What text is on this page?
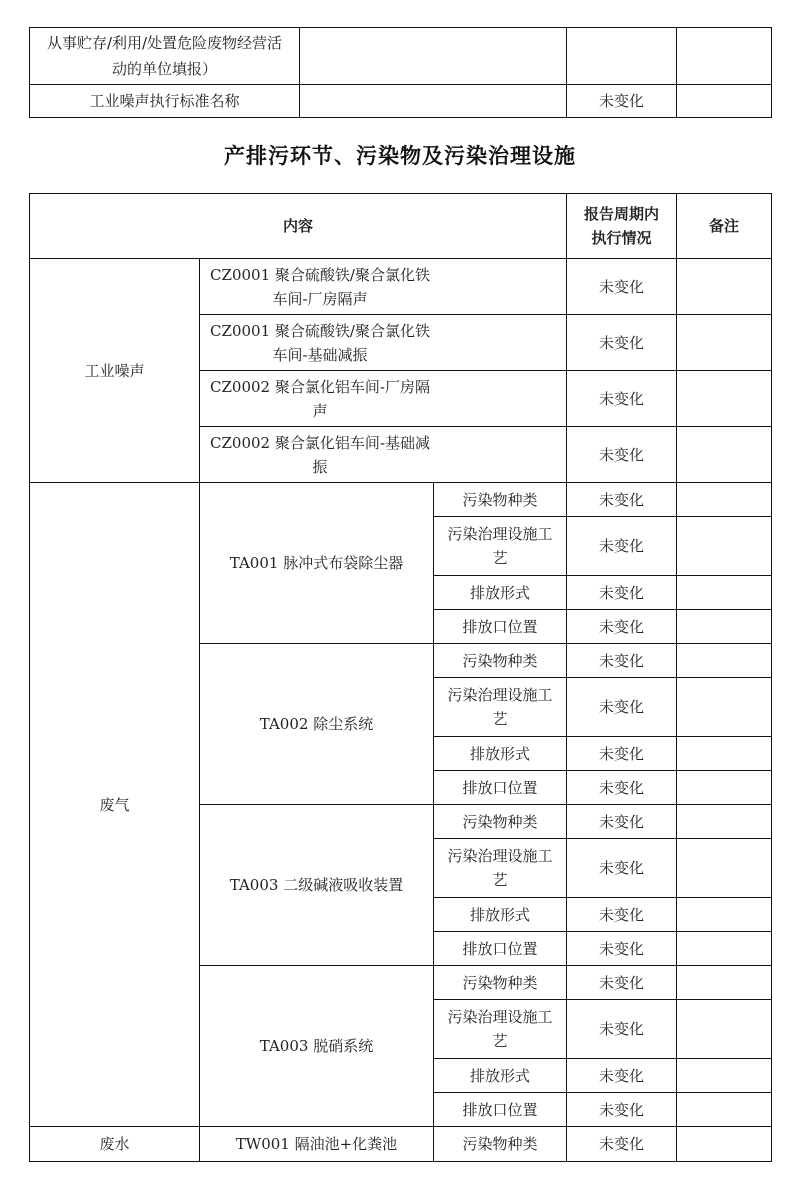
从事贮存/利用/处置危险废物经营活动的单位填报）			
工业噪声执行标准名称		未变化	
产排污环节、污染物及污染治理设施
内容			报告周期内执行情况	备注
工业噪声	CZ0001 聚合硫酸铁/聚合氯化铁车间-厂房隔声		未变化	
	CZ0001 聚合硫酸铁/聚合氯化铁车间-基础减振		未变化	
	CZ0002 聚合氯化铝车间-厂房隔声		未变化	
	CZ0002 聚合氯化铝车间-基础减振		未变化	
废气	TA001 脉冲式布袋除尘器	污染物种类	未变化	
		污染治理设施工艺	未变化	
		排放形式	未变化	
		排放口位置	未变化	
	TA002 除尘系统	污染物种类	未变化	
		污染治理设施工艺	未变化	
		排放形式	未变化	
		排放口位置	未变化	
	TA003 二级碱液吸收装置	污染物种类	未变化	
		污染治理设施工艺	未变化	
		排放形式	未变化	
		排放口位置	未变化	
	TA003 脱硝系统	污染物种类	未变化	
		污染治理设施工艺	未变化	
		排放形式	未变化	
		排放口位置	未变化	
废水	TW001 隔油池+化粪池	污染物种类	未变化	
